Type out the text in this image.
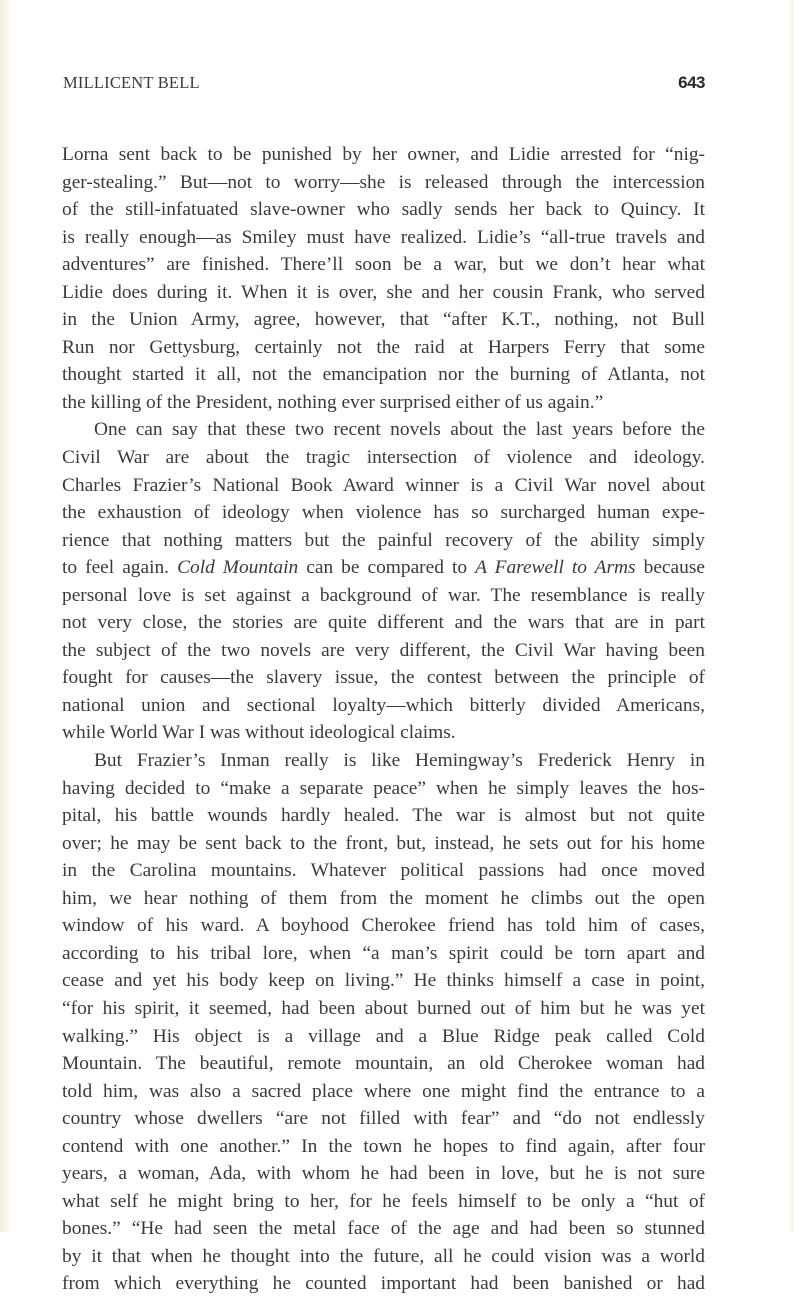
MILLICENT BELL	643
Lorna sent back to be punished by her owner, and Lidie arrested for “nig-
ger-stealing.” But—not to worry—she is released through the intercession
of the still-infatuated slave-owner who sadly sends her back to Quincy. It
is really enough—as Smiley must have realized. Lidie’s “all-true travels and
adventures” are finished. There’ll soon be a war, but we don’t hear what
Lidie does during it. When it is over, she and her cousin Frank, who served
in the Union Army, agree, however, that “after K.T., nothing, not Bull
Run nor Gettysburg, certainly not the raid at Harpers Ferry that some
thought started it all, not the emancipation nor the burning of Atlanta, not
the killing of the President, nothing ever surprised either of us again.”
One can say that these two recent novels about the last years before the
Civil War are about the tragic intersection of violence and ideology.
Charles Frazier’s National Book Award winner is a Civil War novel about
the exhaustion of ideology when violence has so surcharged human expe-
rience that nothing matters but the painful recovery of the ability simply
to feel again. Cold Mountain can be compared to A Farewell to Arms because
personal love is set against a background of war. The resemblance is really
not very close, the stories are quite different and the wars that are in part
the subject of the two novels are very different, the Civil War having been
fought for causes—the slavery issue, the contest between the principle of
national union and sectional loyalty—which bitterly divided Americans,
while World War I was without ideological claims.
But Frazier’s Inman really is like Hemingway’s Frederick Henry in
having decided to “make a separate peace” when he simply leaves the hos-
pital, his battle wounds hardly healed. The war is almost but not quite
over; he may be sent back to the front, but, instead, he sets out for his home
in the Carolina mountains. Whatever political passions had once moved
him, we hear nothing of them from the moment he climbs out the open
window of his ward. A boyhood Cherokee friend has told him of cases,
according to his tribal lore, when “a man’s spirit could be torn apart and
cease and yet his body keep on living.” He thinks himself a case in point,
“for his spirit, it seemed, had been about burned out of him but he was yet
walking.” His object is a village and a Blue Ridge peak called Cold
Mountain. The beautiful, remote mountain, an old Cherokee woman had
told him, was also a sacred place where one might find the entrance to a
country whose dwellers “are not filled with fear” and “do not endlessly
contend with one another.” In the town he hopes to find again, after four
years, a woman, Ada, with whom he had been in love, but he is not sure
what self he might bring to her, for he feels himself to be only a “hut of
bones.” “He had seen the metal face of the age and had been so stunned
by it that when he thought into the future, all he could vision was a world
from which everything he counted important had been banished or had
